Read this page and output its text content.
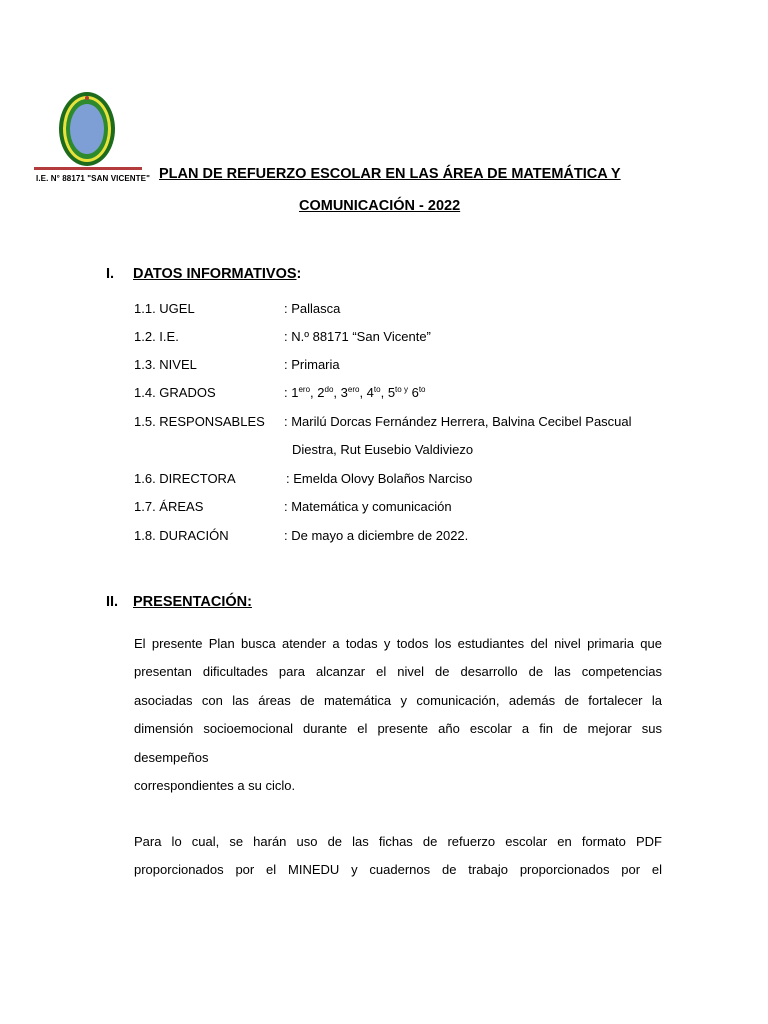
I.E. N° 88171 "SAN VICENTE" PLAN DE REFUERZO ESCOLAR EN LAS ÁREA DE MATEMÁTICA Y
COMUNICACIÓN - 2022
I. DATOS INFORMATIVOS:
1.1. UGEL	: Pallasca
1.2. I.E.	: N.º 88171 “San Vicente”
1.3. NIVEL	: Primaria
1.4. GRADOS	: $1^{ero}$, $2^{do}$, $3^{ero}$, $4^{to}$, $5^{to y}$ $6^{to}$
1.5. RESPONSABLES : Marilú Dorcas Fernández Herrera, Balvina Cecibel Pascual
Diestra, Rut Eusebio Valdiviezo
1.6. DIRECTORA	: Emelda Olovy Bolaños Narciso
1.7. ÁREAS	: Matemática y comunicación
1.8. DURACIÓN	: De mayo a diciembre de 2022.
II. PRESENTACIÓN:
El presente Plan busca atender a todas y todos los estudiantes del nivel primaria que
presentan dificultades para alcanzar el nivel de desarrollo de las competencias
asociadas con las áreas de matemática y comunicación, además de fortalecer la
dimensión socioemocional durante el presente año escolar a fin de mejorar sus
desempeños
correspondientes a su ciclo.
Para lo cual, se harán uso de las fichas de refuerzo escolar en formato PDF
proporcionados por el MINEDU y cuadernos de trabajo proporcionados por el
